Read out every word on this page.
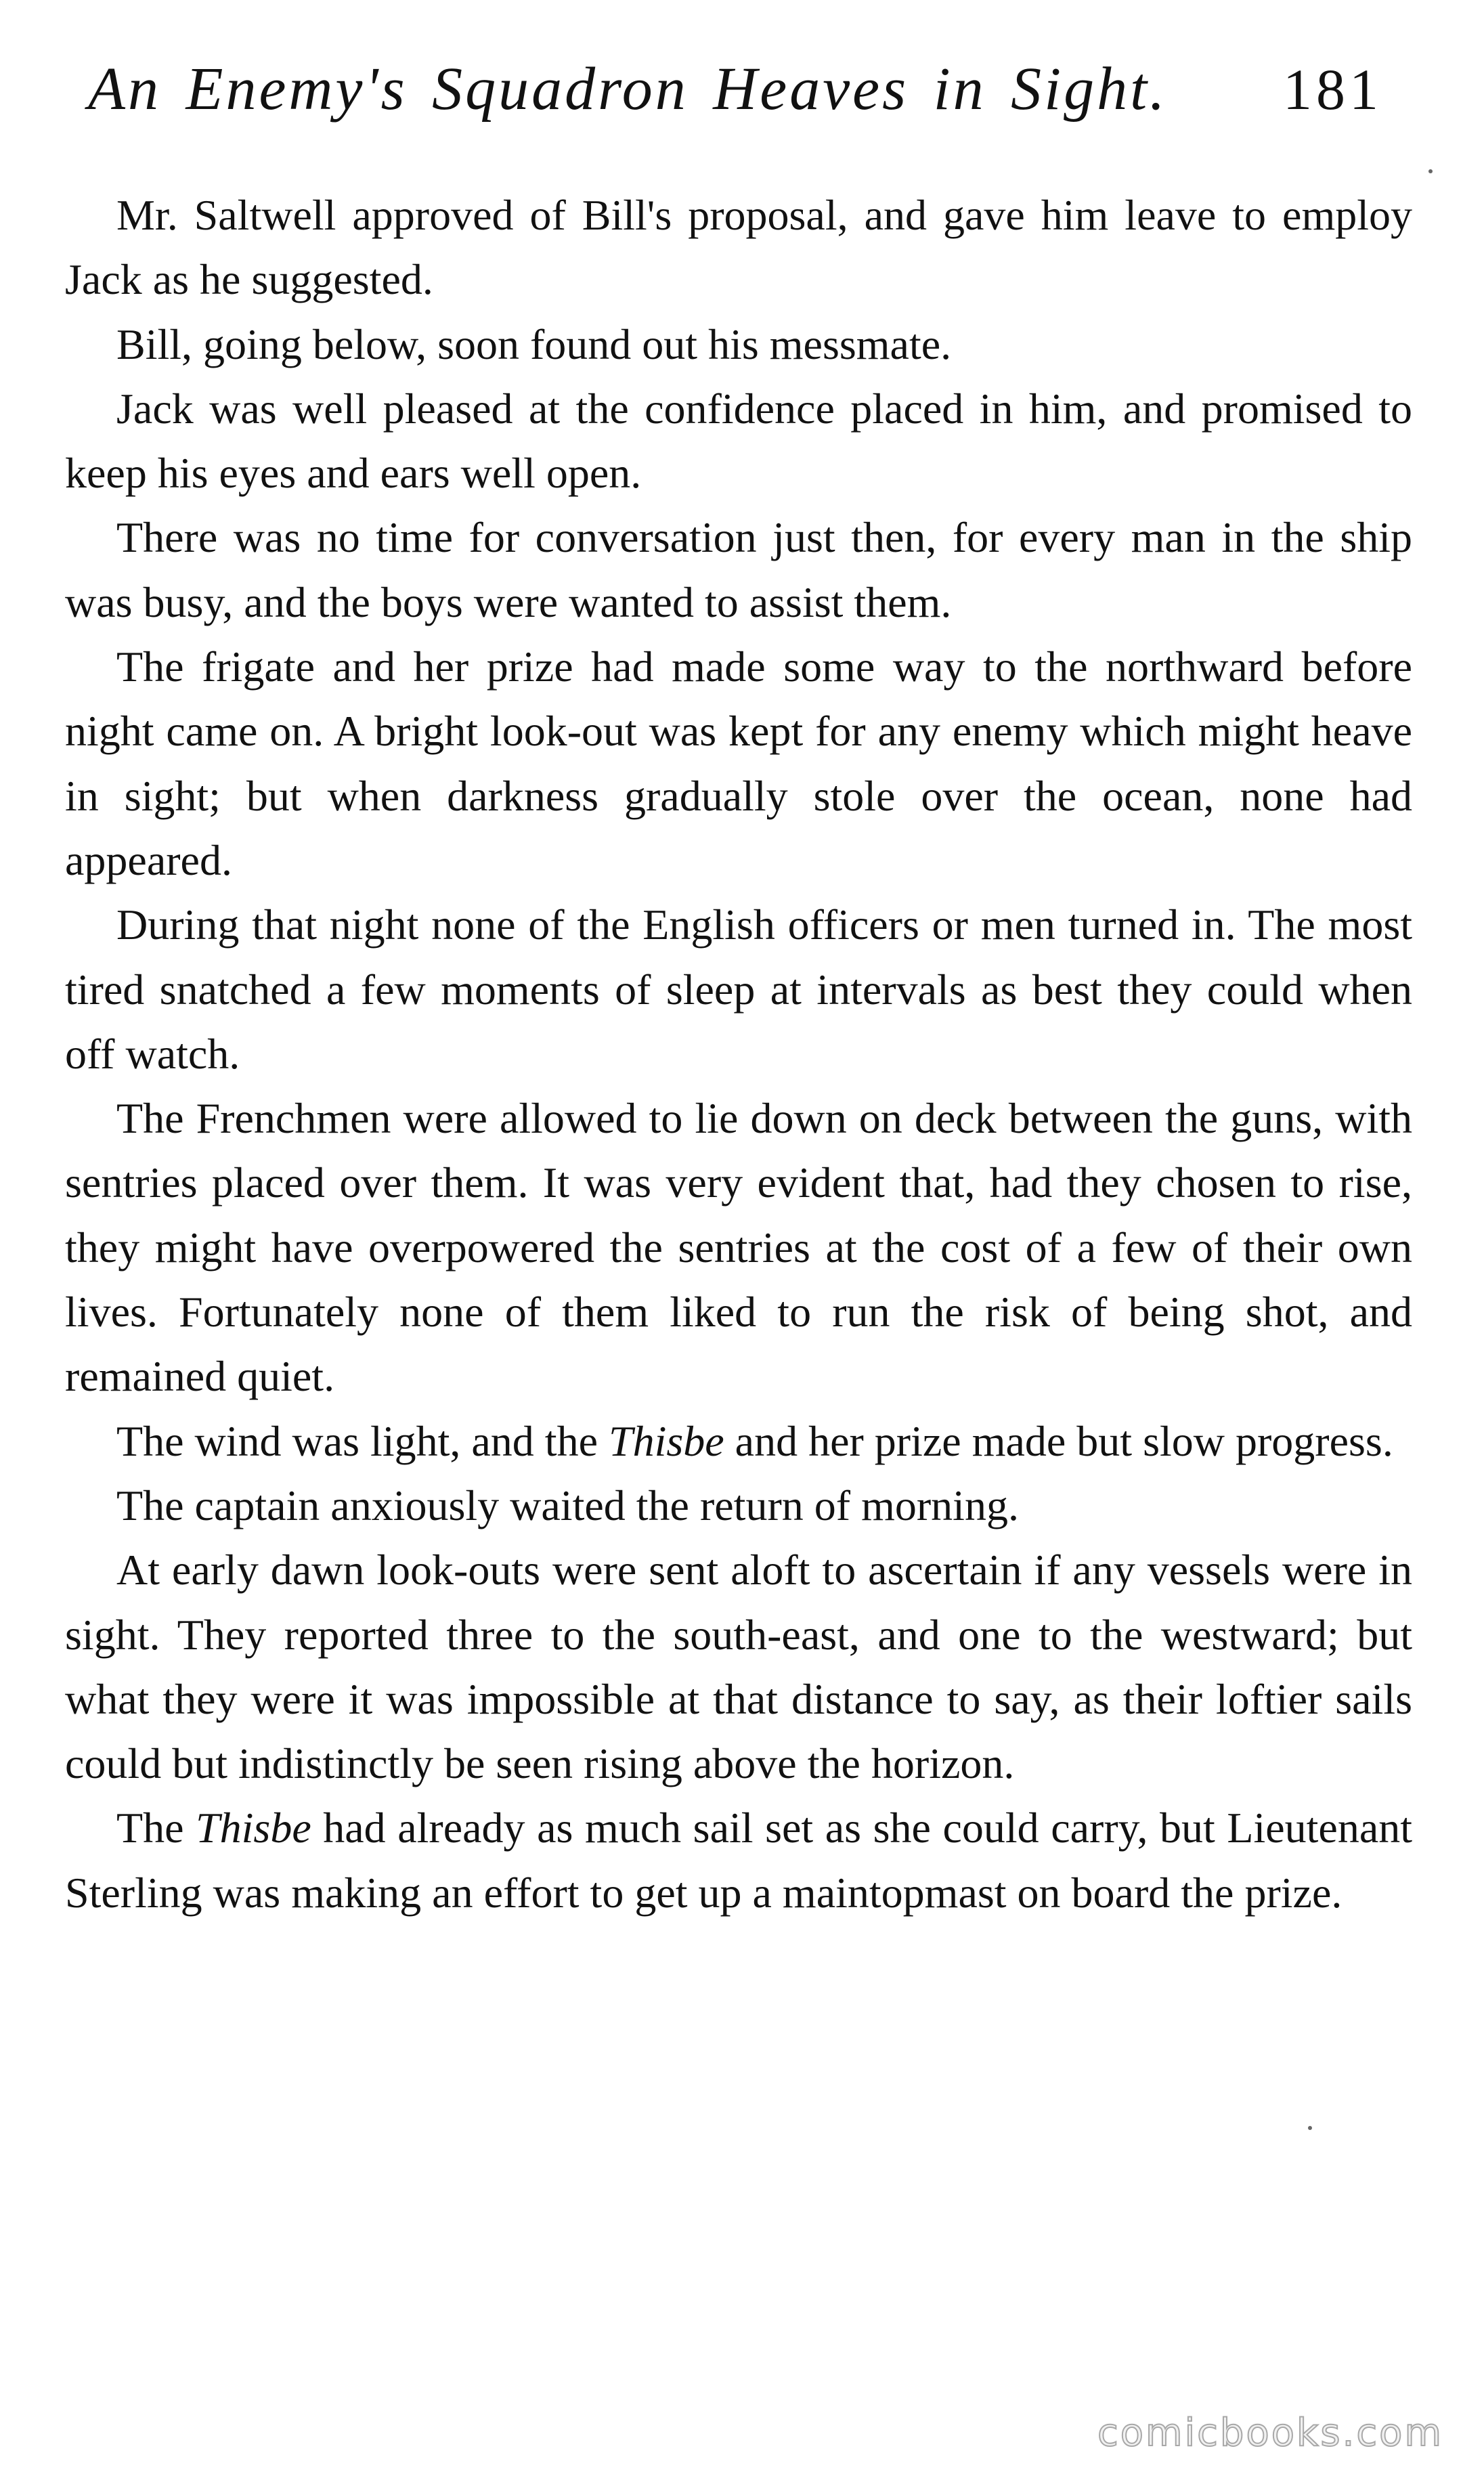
An Enemy's Squadron Heaves in Sight. 181

Mr. Saltwell approved of Bill's proposal, and gave him leave to employ Jack as he suggested.

Bill, going below, soon found out his messmate.

Jack was well pleased at the confidence placed in him, and promised to keep his eyes and ears well open.

There was no time for conversation just then, for every man in the ship was busy, and the boys were wanted to assist them.

The frigate and her prize had made some way to the northward before night came on. A bright look-out was kept for any enemy which might heave in sight; but when darkness gradually stole over the ocean, none had appeared.

During that night none of the English officers or men turned in. The most tired snatched a few moments of sleep at intervals as best they could when off watch.

The Frenchmen were allowed to lie down on deck between the guns, with sentries placed over them. It was very evident that, had they chosen to rise, they might have overpowered the sentries at the cost of a few of their own lives. Fortunately none of them liked to run the risk of being shot, and remained quiet.

The wind was light, and the Thisbe and her prize made but slow progress.

The captain anxiously waited the return of morning.

At early dawn look-outs were sent aloft to ascertain if any vessels were in sight. They reported three to the south-east, and one to the westward; but what they were it was impossible at that distance to say, as their loftier sails could but indistinctly be seen rising above the horizon.

The Thisbe had already as much sail set as she could carry, but Lieutenant Sterling was making an effort to get up a maintopmast on board the prize.

comicbooks.com
